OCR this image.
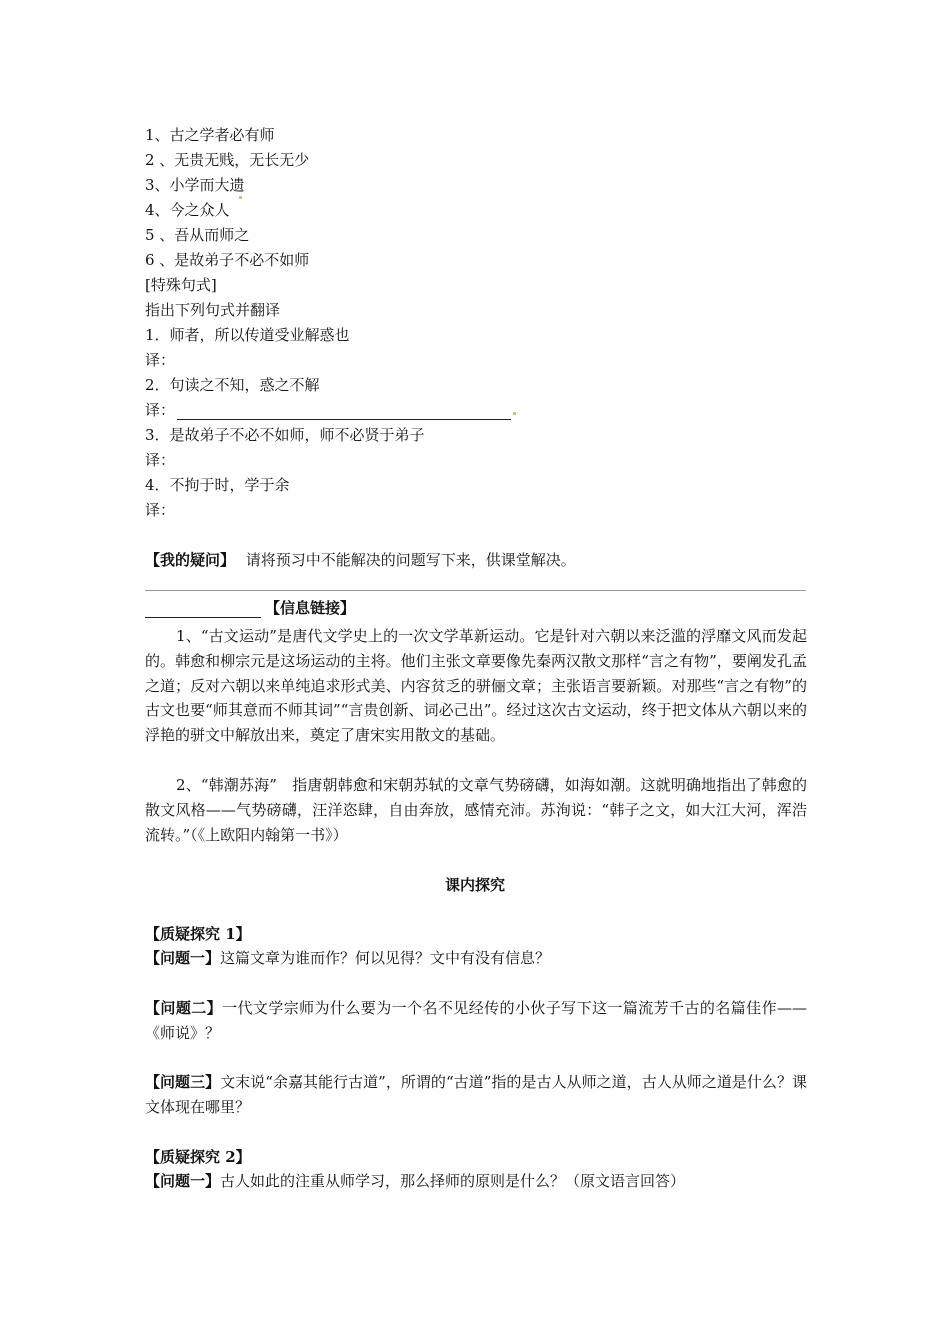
1、古之学者必有师
2 、无贵无贱，无长无少
3、小学而大遗
4、今之众人
5 、吾从而师之
6 、是故弟子不必不如师
[特殊句式]
指出下列句式并翻译
1．师者，所以传道受业解惑也
译：
2．句读之不知，惑之不解
译：
3．是故弟子不必不如师，师不必贤于弟子
译：
4．不拘于时，学于余
译：
【我的疑问】 请将预习中不能解决的问题写下来，供课堂解决。
【信息链接】
1、“古文运动”是唐代文学史上的一次文学革新运动。它是针对六朝以来泛滥的浮靡文风而发起的。韩愈和柳宗元是这场运动的主将。他们主张文章要像先秦两汉散文那样“言之有物”，要阐发孔孟之道；反对六朝以来单纯追求形式美、内容贫乏的骈俪文章；主张语言要新颖。对那些“言之有物”的古文也要“师其意而不师其词”“言贵创新、词必己出”。经过这次古文运动，终于把文体从六朝以来的浮艳的骈文中解放出来，奠定了唐宋实用散文的基础。
2、“韩潮苏海”　指唐朝韩愈和宋朝苏轼的文章气势磅礴，如海如潮。这就明确地指出了韩愈的散文风格——气势磅礴，汪洋恣肆，自由奔放，感情充沛。苏洵说：“韩子之文，如大江大河，浑浩流转。”（《上欧阳内翰第一书》）
课内探究
【质疑探究 1】
【问题一】这篇文章为谁而作？何以见得？文中有没有信息？
【问题二】一代文学宗师为什么要为一个名不见经传的小伙子写下这一篇流芳千古的名篇佳作——《师说》？
【问题三】文末说“余嘉其能行古道”，所谓的“古道”指的是古人从师之道，古人从师之道是什么？课文体现在哪里？
【质疑探究 2】
【问题一】古人如此的注重从师学习，那么择师的原则是什么？（原文语言回答）
